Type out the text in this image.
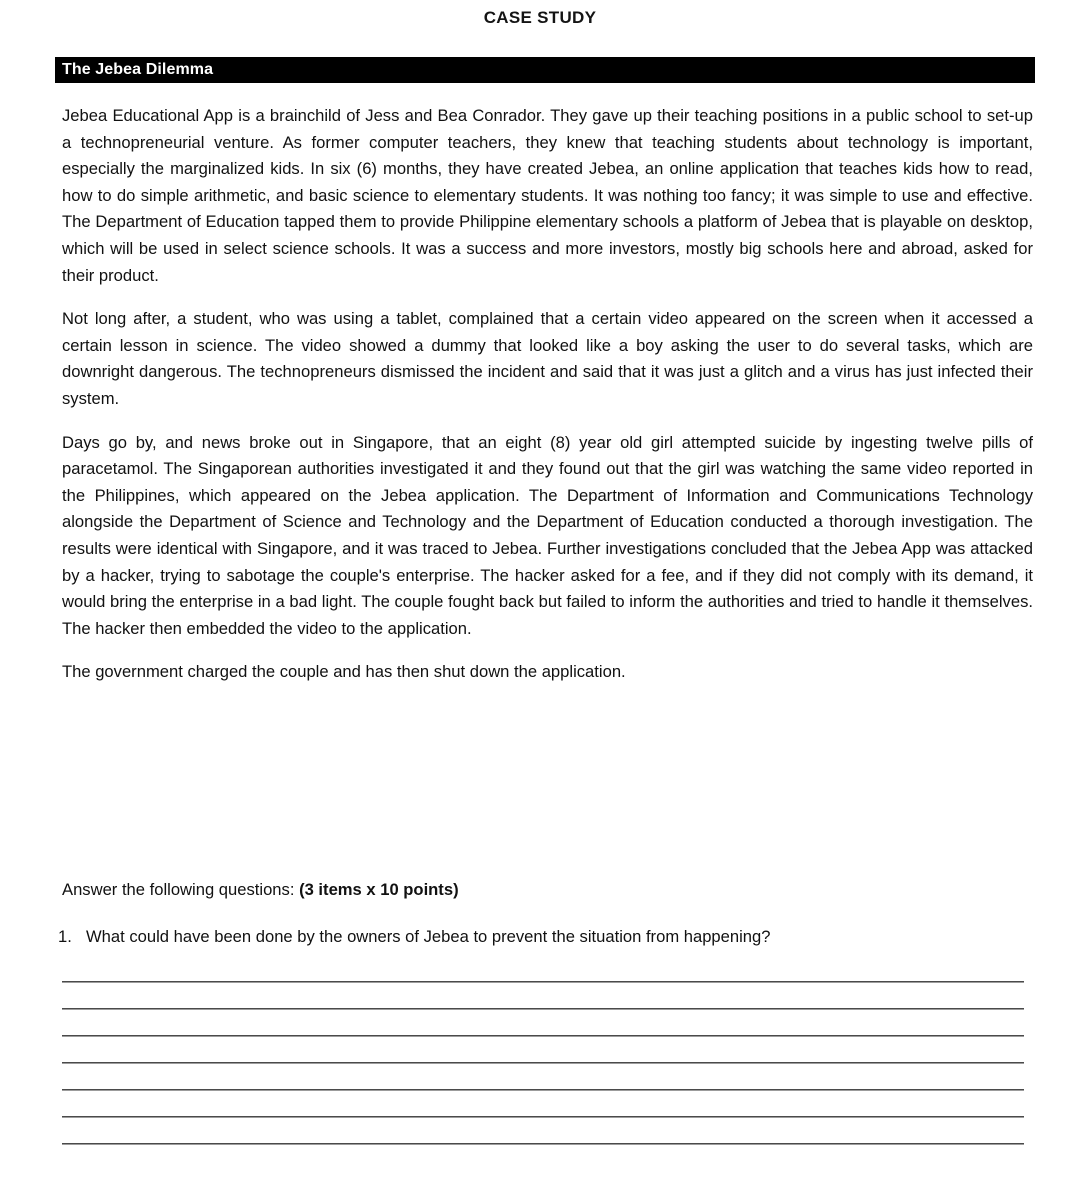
CASE STUDY
The Jebea Dilemma

Jebea Educational App is a brainchild of Jess and Bea Conrador. They gave up their teaching positions in a public school to set-up a technopreneurial venture. As former computer teachers, they knew that teaching students about technology is important, especially the marginalized kids. In six (6) months, they have created Jebea, an online application that teaches kids how to read, how to do simple arithmetic, and basic science to elementary students. It was nothing too fancy; it was simple to use and effective. The Department of Education tapped them to provide Philippine elementary schools a platform of Jebea that is playable on desktop, which will be used in select science schools. It was a success and more investors, mostly big schools here and abroad, asked for their product.

Not long after, a student, who was using a tablet, complained that a certain video appeared on the screen when it accessed a certain lesson in science. The video showed a dummy that looked like a boy asking the user to do several tasks, which are downright dangerous. The technopreneurs dismissed the incident and said that it was just a glitch and a virus has just infected their system.

Days go by, and news broke out in Singapore, that an eight (8) year old girl attempted suicide by ingesting twelve pills of paracetamol. The Singaporean authorities investigated it and they found out that the girl was watching the same video reported in the Philippines, which appeared on the Jebea application. The Department of Information and Communications Technology alongside the Department of Science and Technology and the Department of Education conducted a thorough investigation. The results were identical with Singapore, and it was traced to Jebea. Further investigations concluded that the Jebea App was attacked by a hacker, trying to sabotage the couple's enterprise. The hacker asked for a fee, and if they did not comply with its demand, it would bring the enterprise in a bad light. The couple fought back but failed to inform the authorities and tried to handle it themselves. The hacker then embedded the video to the application.

The government charged the couple and has then shut down the application.

Answer the following questions: (3 items x 10 points)
1. What could have been done by the owners of Jebea to prevent the situation from happening?
